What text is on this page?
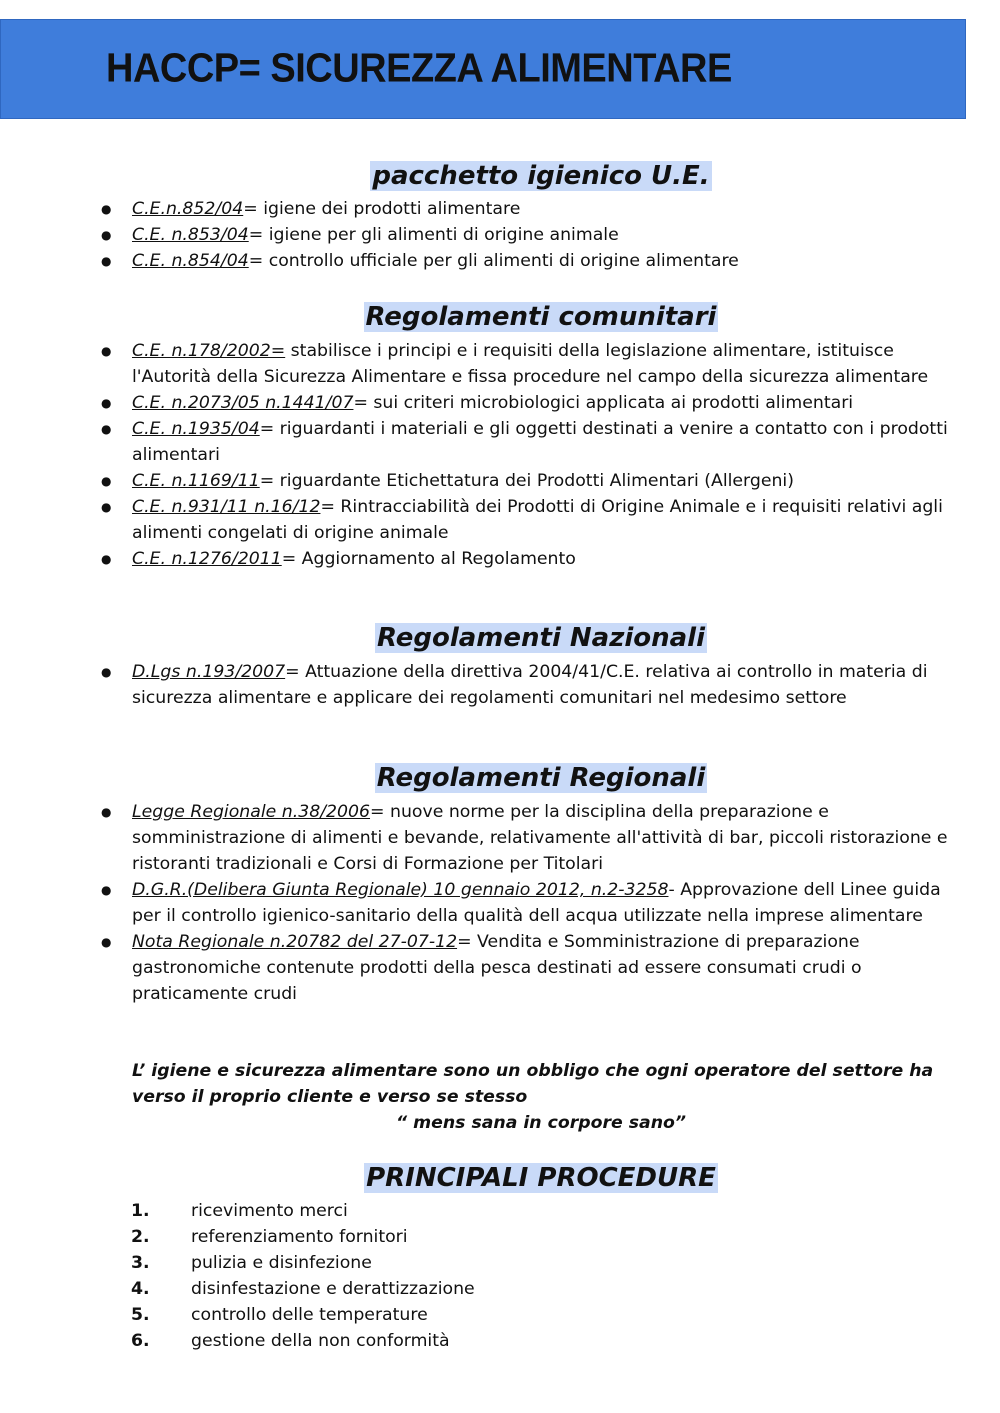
HACCP= SICUREZZA ALIMENTARE
pacchetto igienico U.E.
● C.E.n.852/04= igiene dei prodotti alimentare
● C.E. n.853/04= igiene per gli alimenti di origine animale
● C.E. n.854/04= controllo ufficiale per gli alimenti di origine alimentare
Regolamenti comunitari
● C.E. n.178/2002= stabilisce i principi e i requisiti della legislazione alimentare, istituisce l'Autorità della Sicurezza Alimentare e fissa procedure nel campo della sicurezza alimentare
● C.E. n.2073/05 n.1441/07= sui criteri microbiologici applicata ai prodotti alimentari
● C.E. n.1935/04= riguardanti i materiali e gli oggetti destinati a venire a contatto con i prodotti alimentari
● C.E. n.1169/11= riguardante Etichettatura dei Prodotti Alimentari (Allergeni)
● C.E. n.931/11 n.16/12= Rintracciabilità dei Prodotti di Origine Animale e i requisiti relativi agli alimenti congelati di origine animale
● C.E. n.1276/2011= Aggiornamento al Regolamento
Regolamenti Nazionali
● D.Lgs n.193/2007= Attuazione della direttiva 2004/41/C.E. relativa ai controllo in materia di sicurezza alimentare e applicare dei regolamenti comunitari nel medesimo settore
Regolamenti Regionali
● Legge Regionale n.38/2006= nuove norme per la disciplina della preparazione e somministrazione di alimenti e bevande, relativamente all'attività di bar, piccoli ristorazione e ristoranti tradizionali e Corsi di Formazione per Titolari
● D.G.R.(Delibera Giunta Regionale) 10 gennaio 2012, n.2-3258- Approvazione dell Linee guida per il controllo igienico-sanitario della qualità dell acqua utilizzate nella imprese alimentare
● Nota Regionale n.20782 del 27-07-12= Vendita e Somministrazione di preparazione gastronomiche contenute prodotti della pesca destinati ad essere consumati crudi o praticamente crudi
L’ igiene e sicurezza alimentare sono un obbligo che ogni operatore del settore ha verso il proprio cliente e verso se stesso
“ mens sana in corpore sano”
PRINCIPALI PROCEDURE
1. ricevimento merci
2. referenziamento fornitori
3. pulizia e disinfezione
4. disinfestazione e derattizzazione
5. controllo delle temperature
6. gestione della non conformità
